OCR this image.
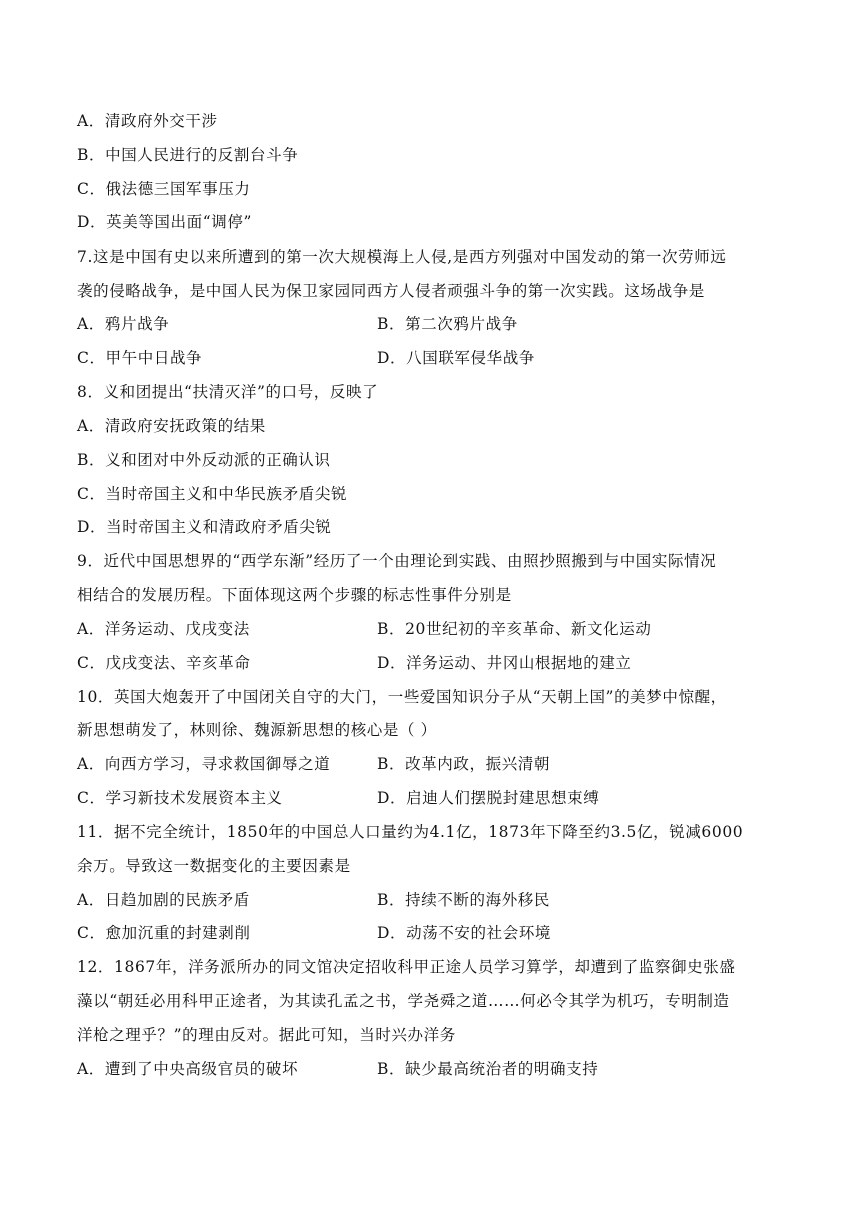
A．清政府外交干涉
B．中国人民进行的反割台斗争
C．俄法德三国军事压力
D．英美等国出面“调停”
7.这是中国有史以来所遭到的第一次大规模海上人侵,是西方列强对中国发动的第一次劳师远
袭的侵略战争，是中国人民为保卫家园同西方人侵者顽强斗争的第一次实践。这场战争是
A．鸦片战争	B．第二次鸦片战争
C．甲午中日战争	D．八国联军侵华战争
8．义和团提出“扶清灭洋”的口号，反映了
A．清政府安抚政策的结果
B．义和团对中外反动派的正确认识
C．当时帝国主义和中华民族矛盾尖锐
D．当时帝国主义和清政府矛盾尖锐
9．近代中国思想界的“西学东渐”经历了一个由理论到实践、由照抄照搬到与中国实际情况
相结合的发展历程。下面体现这两个步骤的标志性事件分别是
A．洋务运动、戊戌变法	B．20世纪初的辛亥革命、新文化运动
C．戊戌变法、辛亥革命	D．洋务运动、井冈山根据地的建立
10．英国大炮轰开了中国闭关自守的大门，一些爱国知识分子从“天朝上国”的美梦中惊醒，
新思想萌发了，林则徐、魏源新思想的核心是（ ）
A．向西方学习，寻求救国御辱之道	B．改革内政，振兴清朝
C．学习新技术发展资本主义	D．启迪人们摆脱封建思想束缚
11．据不完全统计，1850年的中国总人口量约为4.1亿，1873年下降至约3.5亿，锐减6000
余万。导致这一数据变化的主要因素是
A．日趋加剧的民族矛盾	B．持续不断的海外移民
C．愈加沉重的封建剥削	D．动荡不安的社会环境
12．1867年，洋务派所办的同文馆决定招收科甲正途人员学习算学，却遭到了监察御史张盛
藻以“朝廷必用科甲正途者，为其读孔孟之书，学尧舜之道……何必令其学为机巧，专明制造
洋枪之理乎？”的理由反对。据此可知，当时兴办洋务
A．遭到了中央高级官员的破坏	B．缺少最高统治者的明确支持
